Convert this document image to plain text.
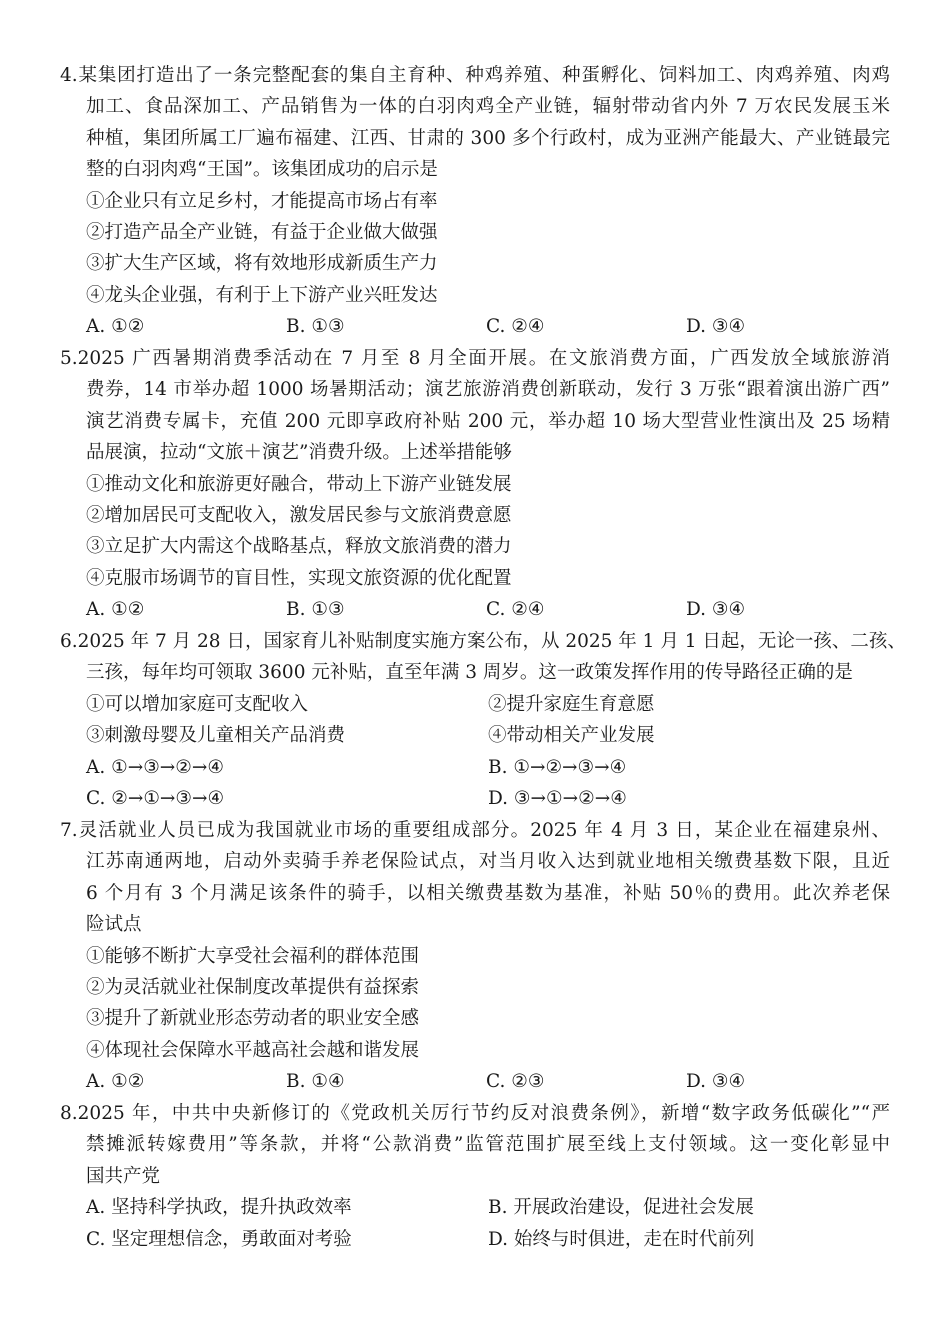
4.某集团打造出了一条完整配套的集自主育种、种鸡养殖、种蛋孵化、饲料加工、肉鸡养殖、肉鸡
加工、食品深加工、产品销售为一体的白羽肉鸡全产业链，辐射带动省内外 7 万农民发展玉米
种植，集团所属工厂遍布福建、江西、甘肃的 300 多个行政村，成为亚洲产能最大、产业链最完
整的白羽肉鸡“王国”。该集团成功的启示是
①企业只有立足乡村，才能提高市场占有率
②打造产品全产业链，有益于企业做大做强
③扩大生产区域，将有效地形成新质生产力
④龙头企业强，有利于上下游产业兴旺发达
A. ①②	B. ①③	C. ②④	D. ③④
5.2025 广西暑期消费季活动在 7 月至 8 月全面开展。在文旅消费方面，广西发放全域旅游消
费券，14 市举办超 1000 场暑期活动；演艺旅游消费创新联动，发行 3 万张“跟着演出游广西”
演艺消费专属卡，充值 200 元即享政府补贴 200 元，举办超 10 场大型营业性演出及 25 场精
品展演，拉动“文旅＋演艺”消费升级。上述举措能够
①推动文化和旅游更好融合，带动上下游产业链发展
②增加居民可支配收入，激发居民参与文旅消费意愿
③立足扩大内需这个战略基点，释放文旅消费的潜力
④克服市场调节的盲目性，实现文旅资源的优化配置
A. ①②	B. ①③	C. ②④	D. ③④
6.2025 年 7 月 28 日，国家育儿补贴制度实施方案公布，从 2025 年 1 月 1 日起，无论一孩、二孩、
三孩，每年均可领取 3600 元补贴，直至年满 3 周岁。这一政策发挥作用的传导路径正确的是
①可以增加家庭可支配收入	②提升家庭生育意愿
③刺激母婴及儿童相关产品消费	④带动相关产业发展
A. ①→③→②→④	B. ①→②→③→④
C. ②→①→③→④	D. ③→①→②→④
7.灵活就业人员已成为我国就业市场的重要组成部分。2025 年 4 月 3 日，某企业在福建泉州、
江苏南通两地，启动外卖骑手养老保险试点，对当月收入达到就业地相关缴费基数下限，且近
6 个月有 3 个月满足该条件的骑手，以相关缴费基数为基准，补贴 50％的费用。此次养老保
险试点
①能够不断扩大享受社会福利的群体范围
②为灵活就业社保制度改革提供有益探索
③提升了新就业形态劳动者的职业安全感
④体现社会保障水平越高社会越和谐发展
A. ①②	B. ①④	C. ②③	D. ③④
8.2025 年，中共中央新修订的《党政机关厉行节约反对浪费条例》，新增“数字政务低碳化”“严
禁摊派转嫁费用”等条款，并将“公款消费”监管范围扩展至线上支付领域。这一变化彰显中
国共产党
A. 坚持科学执政，提升执政效率	B. 开展政治建设，促进社会发展
C. 坚定理想信念，勇敢面对考验	D. 始终与时俱进，走在时代前列
